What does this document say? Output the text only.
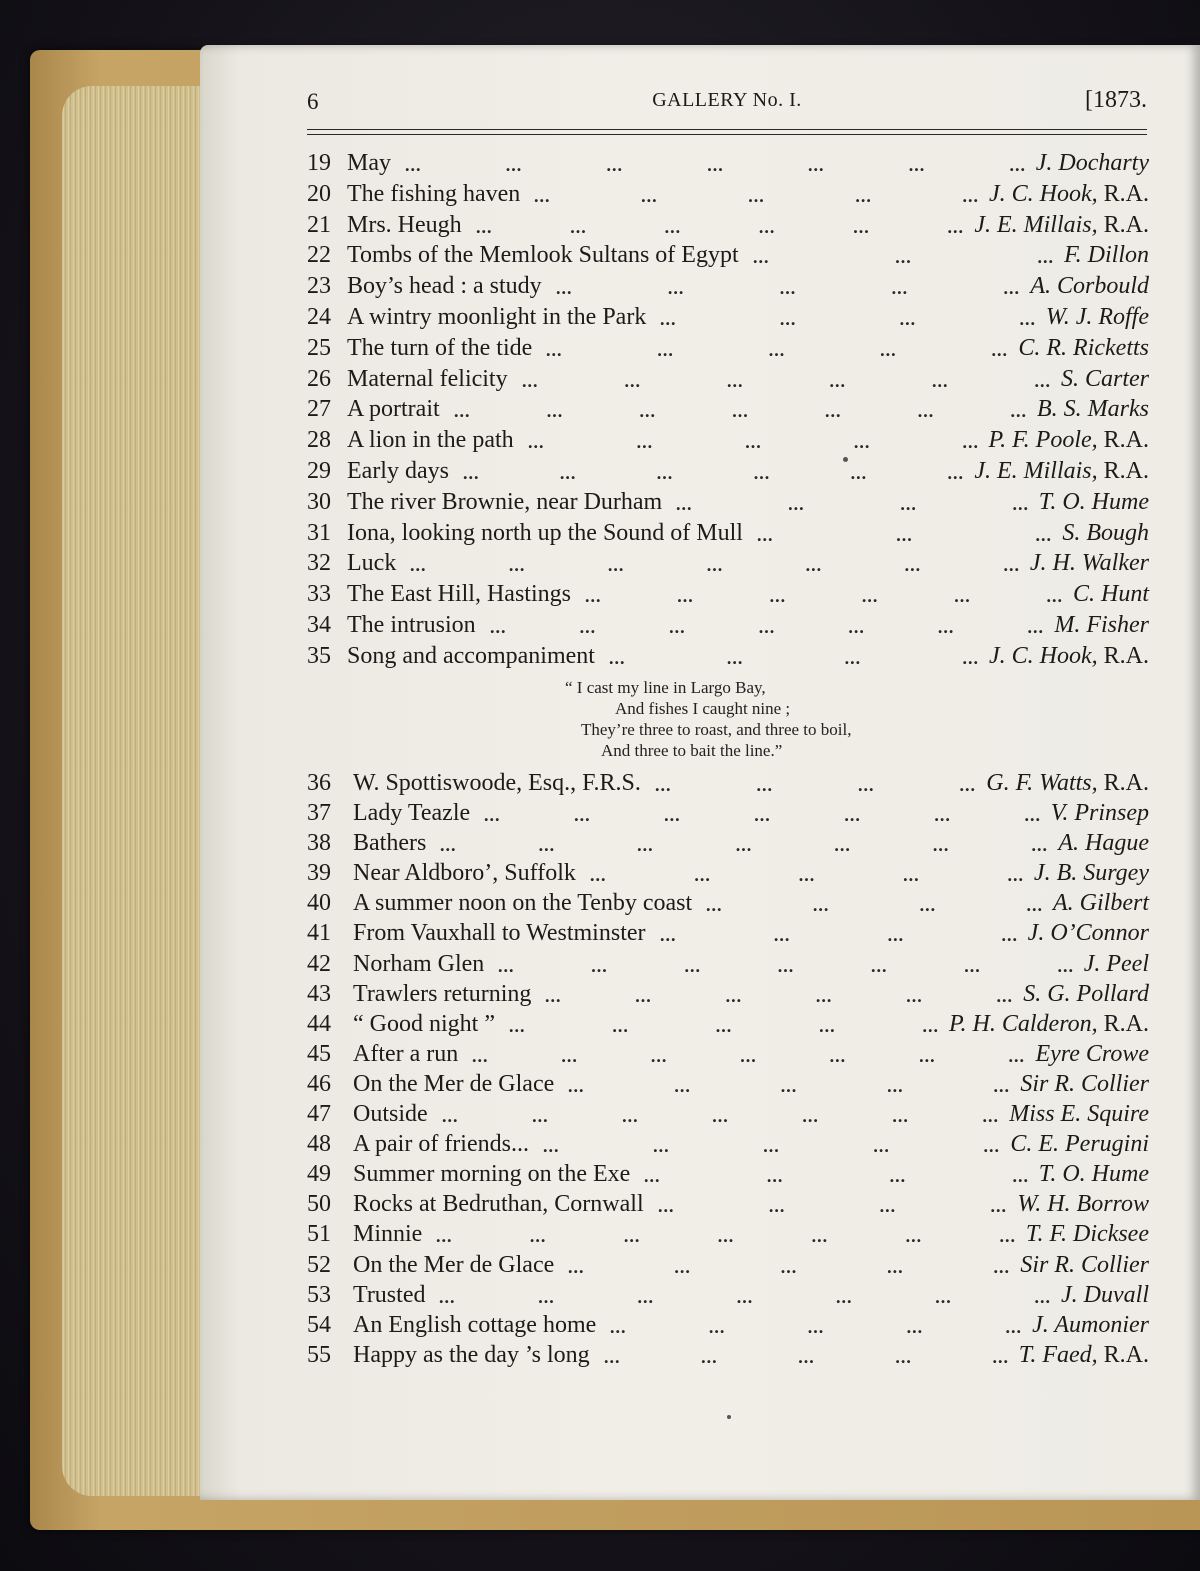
6	GALLERY No. I.	[1873.
19 May ... ... ... ... ... ... ... J. Docharty
20 The fishing haven ... ... ... ... ... J. C. Hook, R.A.
21 Mrs. Heugh ... ... ... ... ... ... J. E. Millais, R.A.
22 Tombs of the Memlook Sultans of Egypt ... ... ... F. Dillon
23 Boy’s head : a study ... ... ... ... ... A. Corbould
24 A wintry moonlight in the Park ... ... ... ... W. J. Roffe
25 The turn of the tide ... ... ... ... ... C. R. Ricketts
26 Maternal felicity ... ... ... ... ... ... S. Carter
27 A portrait ... ... ... ... ... ... ... B. S. Marks
28 A lion in the path ... ... ... ... ... P. F. Poole, R.A.
29 Early days ... ... ... ... ... ... J. E. Millais, R.A.
30 The river Brownie, near Durham ... ... ... ... T. O. Hume
31 Iona, looking north up the Sound of Mull ... ... ... S. Bough
32 Luck ... ... ... ... ... ... ... J. H. Walker
33 The East Hill, Hastings ... ... ... ... ... ... C. Hunt
34 The intrusion ... ... ... ... ... ... ... M. Fisher
35 Song and accompaniment ... ... ... ... J. C. Hook, R.A.
“ I cast my line in Largo Bay,
And fishes I caught nine ;
They’re three to roast, and three to boil,
And three to bait the line.”
36 W. Spottiswoode, Esq., F.R.S. ... ... ... ... G. F. Watts, R.A.
37 Lady Teazle ... ... ... ... ... ... ... V. Prinsep
38 Bathers ... ... ... ... ... ... ... A. Hague
39 Near Aldboro’, Suffolk ... ... ... ... ... J. B. Surgey
40 A summer noon on the Tenby coast ... ... ... ... A. Gilbert
41 From Vauxhall to Westminster ... ... ... ... J. O’Connor
42 Norham Glen ... ... ... ... ... ... ... J. Peel
43 Trawlers returning ... ... ... ... ... ... S. G. Pollard
44 “ Good night ” ... ... ... ... ... P. H. Calderon, R.A.
45 After a run ... ... ... ... ... ... ... Eyre Crowe
46 On the Mer de Glace ... ... ... ... ... Sir R. Collier
47 Outside ... ... ... ... ... ... ... Miss E. Squire
48 A pair of friends... ... ... ... ... ... C. E. Perugini
49 Summer morning on the Exe ... ... ... ... T. O. Hume
50 Rocks at Bedruthan, Cornwall ... ... ... ... W. H. Borrow
51 Minnie ... ... ... ... ... ... ... T. F. Dicksee
52 On the Mer de Glace ... ... ... ... ... Sir R. Collier
53 Trusted ... ... ... ... ... ... ... J. Duvall
54 An English cottage home ... ... ... ... ... J. Aumonier
55 Happy as the day ’s long ... ... ... ... ... T. Faed, R.A.
